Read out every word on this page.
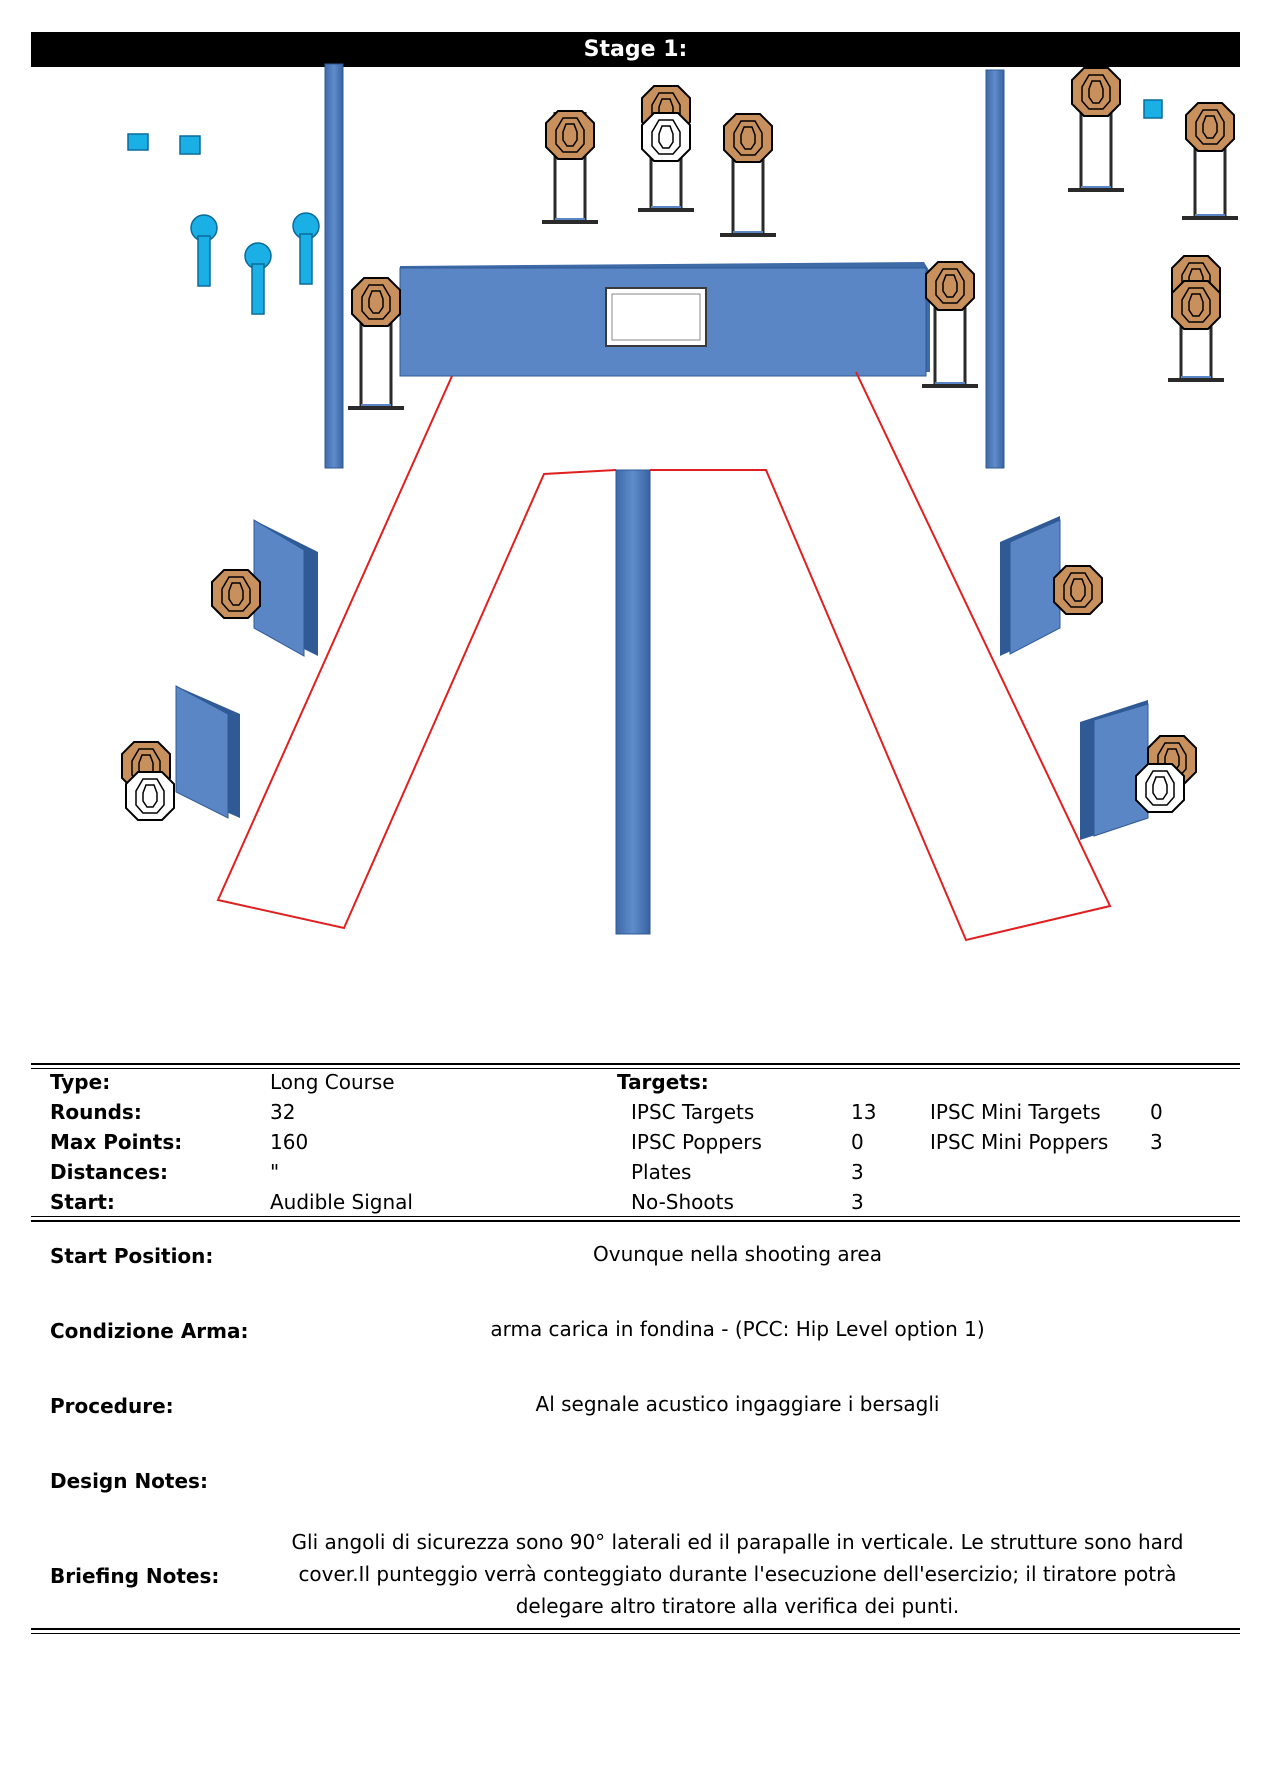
Stage 1:
Type:	Long Course	Targets:
Rounds:	32	IPSC Targets	13	IPSC Mini Targets 0
Max Points:	160	IPSC Poppers	0	IPSC Mini Poppers 3
Distances:	"	Plates	3
Start:	Audible Signal	No-Shoots	3
Start Position:	Ovunque nella shooting area
Condizione Arma:	arma carica in fondina - (PCC: Hip Level option 1)
Procedure:	Al segnale acustico ingaggiare i bersagli
Design Notes:
Briefing Notes:
Gli angoli di sicurezza sono 90° laterali ed il parapalle in verticale. Le strutture sono hard
cover.Il punteggio verrà conteggiato durante l'esecuzione dell'esercizio; il tiratore potrà
delegare altro tiratore alla verifica dei punti.
